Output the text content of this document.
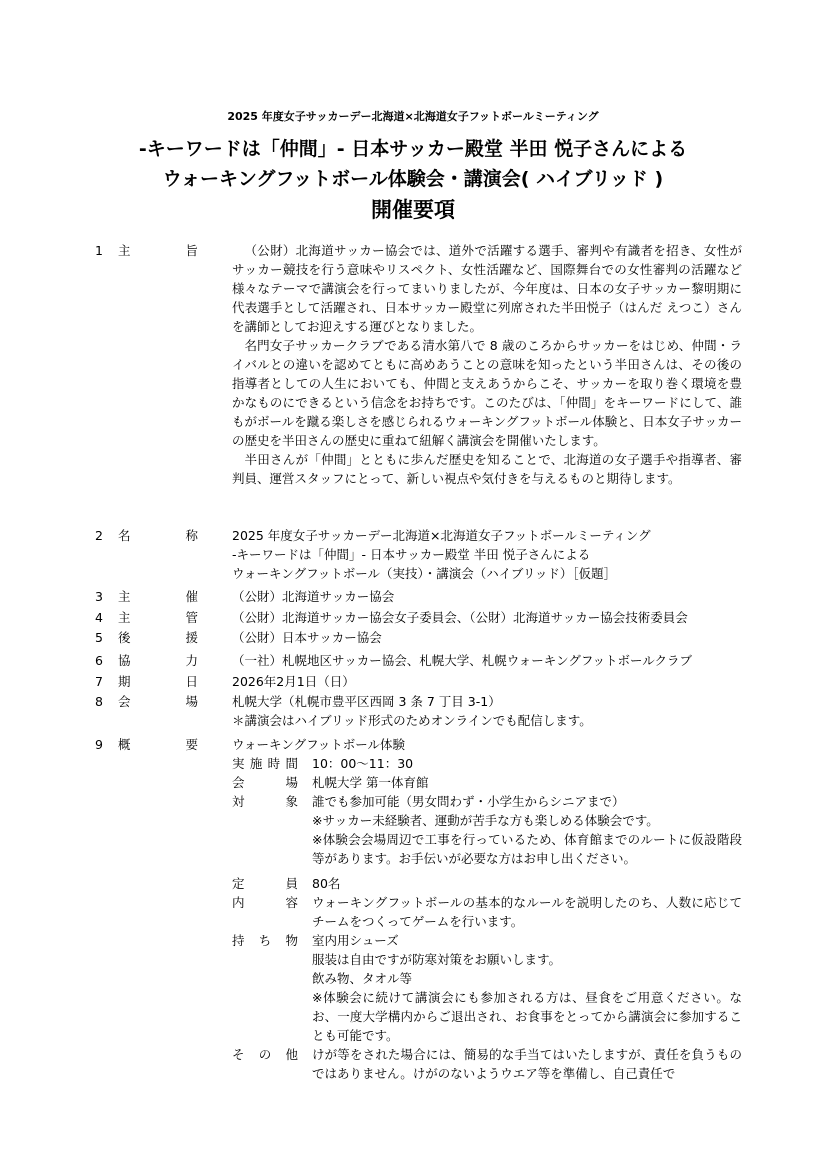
2025 年度女子サッカーデー北海道×北海道女子フットボールミーティング
-キーワードは「仲間」- 日本サッカー殿堂 半田 悦子さんによる
ウォーキングフットボール体験会・講演会( ハイブリッド )
開催要項
1 主	旨	（公財）北海道サッカー協会では、道外で活躍する選手、審判や有識者を招き、女性がサッカー競技を行う意味やリスペクト、女性活躍など、国際舞台での女性審判の活躍など様々なテーマで講演会を行ってまいりましたが、今年度は、日本の女子サッカー黎明期に代表選手として活躍され、日本サッカー殿堂に列席された半田悦子（はんだ えつこ）さんを講師としてお迎えする運びとなりました。

名門女子サッカークラブである清水第八で 8 歳のころからサッカーをはじめ、仲間・ライバルとの違いを認めてともに高めあうことの意味を知ったという半田さんは、その後の指導者としての人生においても、仲間と支えあうからこそ、サッカーを取り巻く環境を豊かなものにできるという信念をお持ちです。このたびは、「仲間」をキーワードにして、誰もがボールを蹴る楽しさを感じられるウォーキングフットボール体験と、日本女子サッカーの歴史を半田さんの歴史に重ねて紐解く講演会を開催いたします。

半田さんが「仲間」とともに歩んだ歴史を知ることで、北海道の女子選手や指導者、審判員、運営スタッフにとって、新しい視点や気付きを与えるものと期待します。

2 名	称	2025 年度女子サッカーデー北海道×北海道女子フットボールミーティング
-キーワードは「仲間」- 日本サッカー殿堂 半田 悦子さんによる
ウォーキングフットボール（実技）・講演会（ハイブリッド）［仮題］
3 主	催	（公財）北海道サッカー協会
4 主	管	（公財）北海道サッカー協会女子委員会、（公財）北海道サッカー協会技術委員会
5 後	援	（公財）日本サッカー協会
6 協	力	（一社）札幌地区サッカー協会、札幌大学、札幌ウォーキングフットボールクラブ
7 期	日	2026年2月1日（日）
8 会	場	札幌大学（札幌市豊平区西岡 3 条 7 丁目 3-1）
＊講演会はハイブリッド形式のためオンラインでも配信します。
9 概	要	ウォーキングフットボール体験
実 施 時 間 10：00～11：30
会	場 札幌大学 第一体育館
対	象 誰でも参加可能（男女問わず・小学生からシニアまで）
※サッカー未経験者、運動が苦手な方も楽しめる体験会です。
※体験会会場周辺で工事を行っているため、体育館までのルートに仮設階段等があります。お手伝いが必要な方はお申し出ください。
定	員 80名
内	容 ウォーキングフットボールの基本的なルールを説明したのち、人数に応じてチームをつくってゲームを行います。
持 ち 物 室内用シューズ
服装は自由ですが防寒対策をお願いします。
飲み物、タオル等
※体験会に続けて講演会にも参加される方は、昼食をご用意ください。なお、一度大学構内からご退出され、お食事をとってから講演会に参加することも可能です。
そ の 他 けが等をされた場合には、簡易的な手当てはいたしますが、責任を負うものではありません。けがのないようウエア等を準備し、自己責任で
